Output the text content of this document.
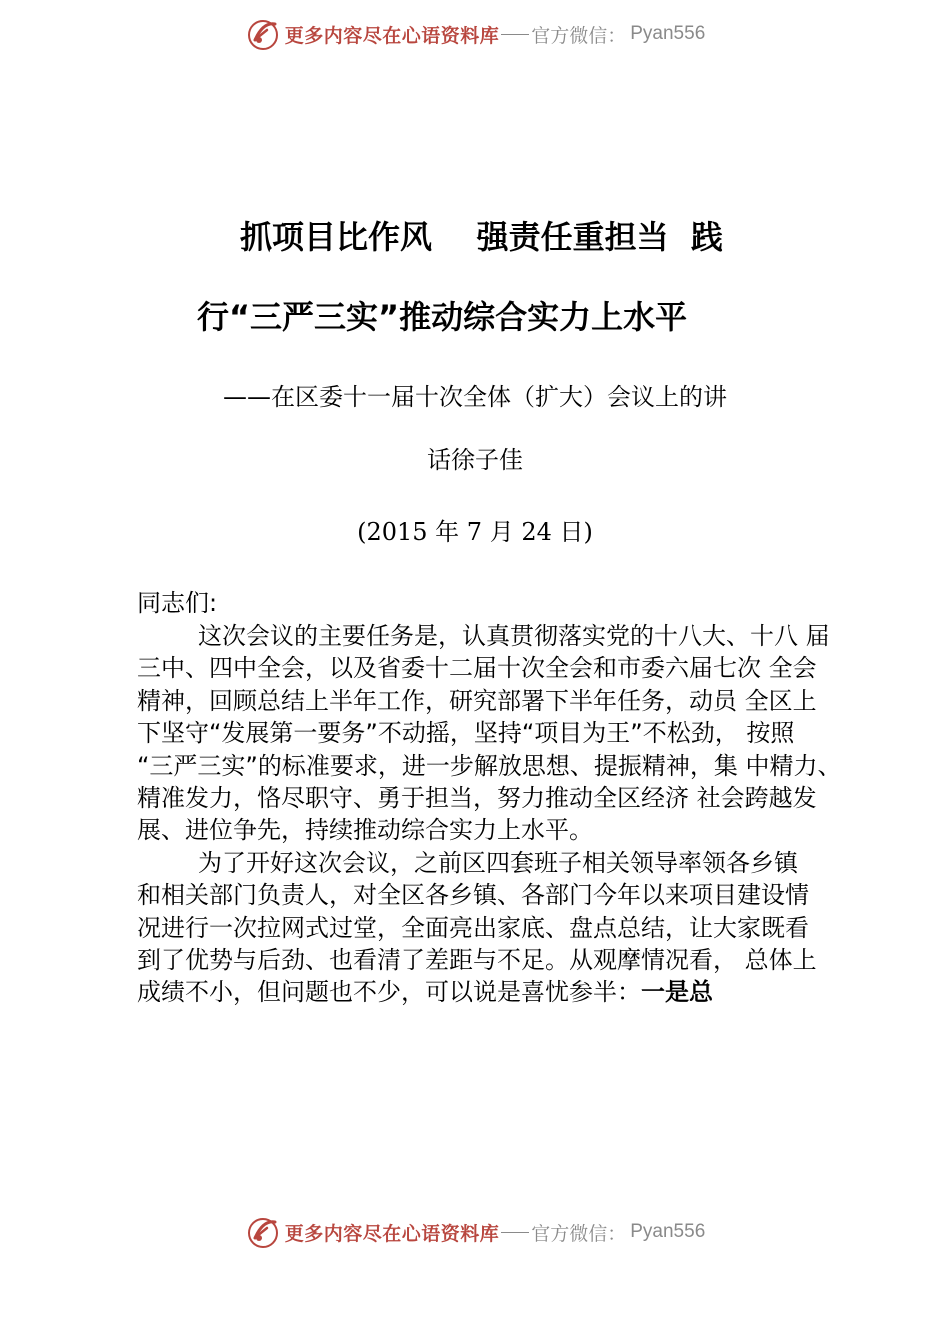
更多内容尽在心语资料库 官方微信： Pyan556
抓项目比作风    强责任重担当  践
行“三严三实”推动综合实力上水平
——在区委十一届十次全体（扩大）会议上的讲
话徐子佳
(2015 年 7 月 24 日)
同志们:
这次会议的主要任务是，认真贯彻落实党的十八大、十八 届
三中、四中全会，以及省委十二届十次全会和市委六届七次 全会
精神，回顾总结上半年工作，研究部署下半年任务，动员 全区上
下坚守“发展第一要务”不动摇，坚持“项目为王”不松劲， 按照
“三严三实”的标准要求，进一步解放思想、提振精神，集 中精力、
精准发力，恪尽职守、勇于担当，努力推动全区经济 社会跨越发
展、进位争先，持续推动综合实力上水平。
为了开好这次会议，之前区四套班子相关领导率领各乡镇
和相关部门负责人，对全区各乡镇、各部门今年以来项目建设情
况进行一次拉网式过堂，全面亮出家底、盘点总结，让大家既看
到了优势与后劲、也看清了差距与不足。从观摩情况看， 总体上
成绩不小，但问题也不少，可以说是喜忧参半：一是总
更多内容尽在心语资料库 官方微信： Pyan556
